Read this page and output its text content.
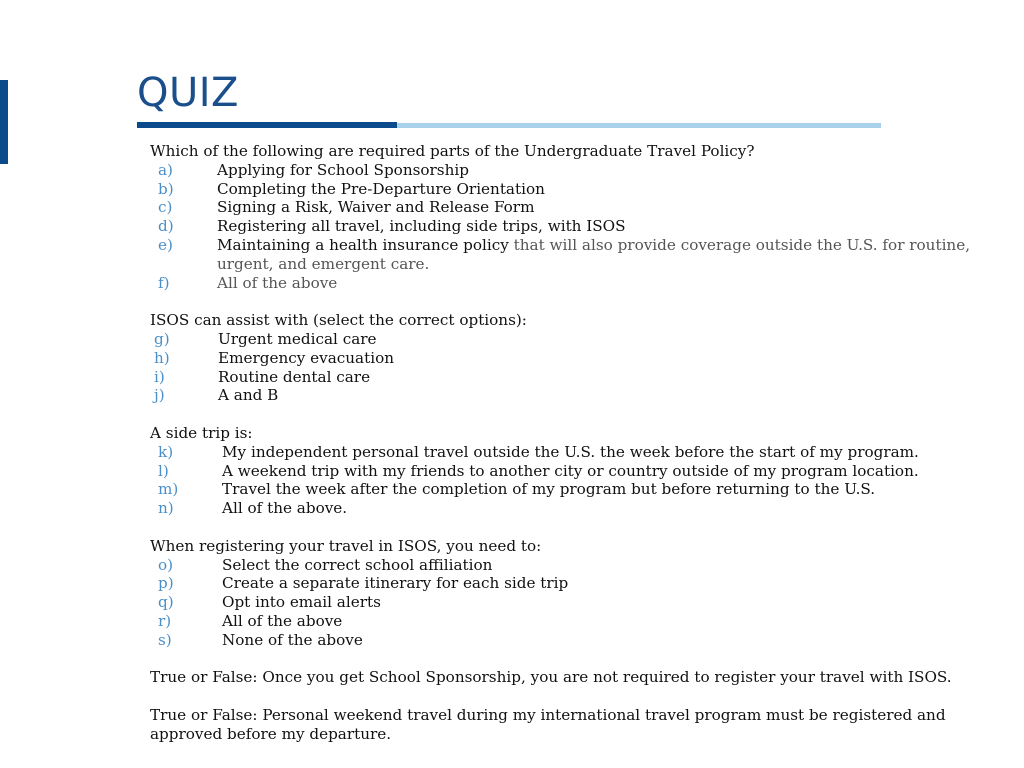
QUIZ

Which of the following are required parts of the Undergraduate Travel Policy?

a)	Applying for School Sponsorship
b)	Completing the Pre-Departure Orientation
c)	Signing a Risk, Waiver and Release Form
d)	Registering all travel, including side trips, with ISOS
e)	Maintaining a health insurance policy that will also provide coverage outside the U.S. for routine, urgent, and emergent care.
f)	All of the above

ISOS can assist with (select the correct options):

g)	Urgent medical care
h)	Emergency evacuation
i)	Routine dental care
j)	A and B

A side trip is:

k)	My independent personal travel outside the U.S. the week before the start of my program.
l)	A weekend trip with my friends to another city or country outside of my program location.
m)	Travel the week after the completion of my program but before returning to the U.S.
n)	All of the above.

When registering your travel in ISOS, you need to:

o)	Select the correct school affiliation
p)	Create a separate itinerary for each side trip
q)	Opt into email alerts
r)	All of the above
s)	None of the above

True or False: Once you get School Sponsorship, you are not required to register your travel with ISOS.

True or False: Personal weekend travel during my international travel program must be registered and approved before my departure.
